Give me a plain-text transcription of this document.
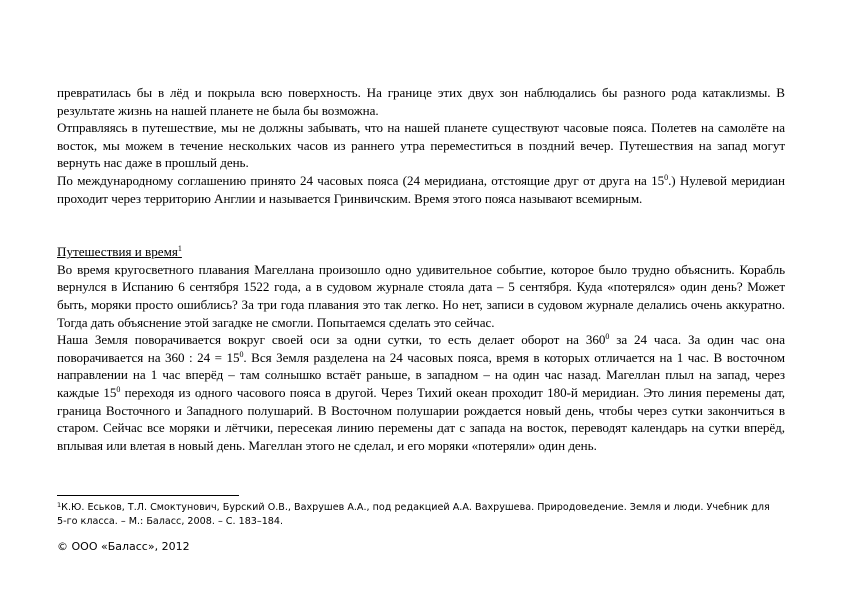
превратилась бы в лёд и покрыла всю поверхность. На границе этих двух зон наблюдались бы разного рода катаклизмы. В результате жизнь на нашей планете не была бы возможна.

Отправляясь в путешествие, мы не должны забывать, что на нашей планете существуют часовые пояса. Полетев на самолёте на восток, мы можем в течение нескольких часов из раннего утра переместиться в поздний вечер. Путешествия на запад могут вернуть нас даже в прошлый день.

По международному соглашению принято 24 часовых пояса (24 меридиана, отстоящие друг от друга на $15^0$.) Нулевой меридиан проходит через территорию Англии и называется Гринвичским. Время этого пояса называют всемирным.

Путешествия и время$^1$

Во время кругосветного плавания Магеллана произошло одно удивительное событие, которое было трудно объяснить. Корабль вернулся в Испанию 6 сентября 1522 года, а в судовом журнале стояла дата – 5 сентября. Куда «потерялся» один день? Может быть, моряки просто ошиблись? За три года плавания это так легко. Но нет, записи в судовом журнале делались очень аккуратно. Тогда дать объяснение этой загадке не смогли. Попытаемся сделать это сейчас.

Наша Земля поворачивается вокруг своей оси за одни сутки, то есть делает оборот на $360^0$ за 24 часа. За один час она поворачивается на 360 : $24 = 15^0$. Вся Земля разделена на 24 часовых пояса, время в которых отличается на 1 час. В восточном направлении на 1 час вперёд – там солнышко встаёт раньше, в западном – на один час назад. Магеллан плыл на запад, через каждые $15^0$ переходя из одного часового пояса в другой. Через Тихий океан проходит 180-й меридиан. Это линия перемены дат, граница Восточного и Западного полушарий. В Восточном полушарии рождается новый день, чтобы через сутки закончиться в старом. Сейчас все моряки и лётчики, пересекая линию перемены дат с запада на восток, переводят календарь на сутки вперёд, вплывая или влетая в новый день. Магеллан этого не сделал, и его моряки «потеряли» один день.

$^1$К.Ю. Еськов, Т.Л. Смоктунович, Бурский О.В., Вахрушев А.А., под редакцией А.А. Вахрушева. Природоведение. Земля и люди. Учебник для 5-го класса. – М.: Баласс, 2008. – С. 183–184.

© ООО «Баласс», 2012
